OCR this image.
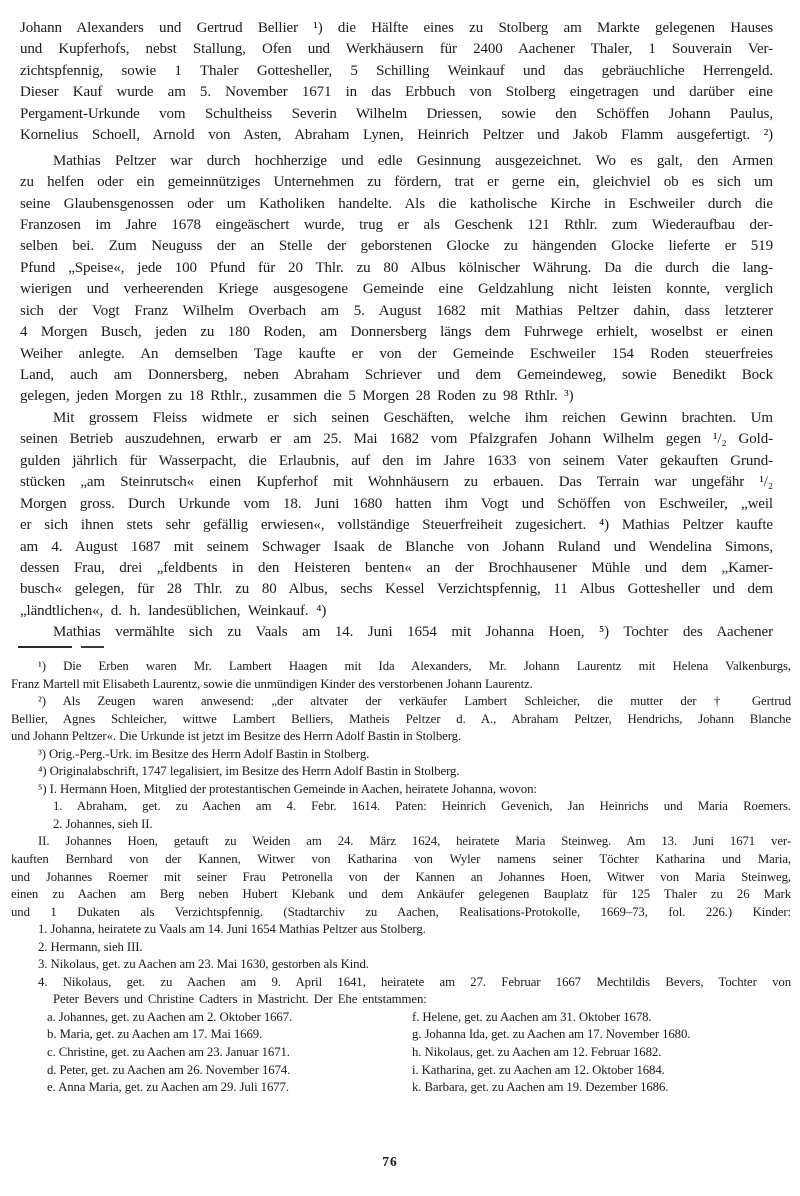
Johann Alexanders und Gertrud Bellier ¹) die Hälfte eines zu Stolberg am Markte gelegenen Hauses
und Kupferhofs, nebst Stallung, Ofen und Werkhäusern für 2400 Aachener Thaler, 1 Souverain Ver-
zichtspfennig, sowie 1 Thaler Gottesheller, 5 Schilling Weinkauf und das gebräuchliche Herrengeld.
Dieser Kauf wurde am 5. November 1671 in das Erbbuch von Stolberg eingetragen und darüber eine
Pergament-Urkunde vom Schultheiss Severin Wilhelm Driessen, sowie den Schöffen Johann Paulus,
Kornelius Schoell, Arnold von Asten, Abraham Lynen, Heinrich Peltzer und Jakob Flamm ausgefertigt. ²)
Mathias Peltzer war durch hochherzige und edle Gesinnung ausgezeichnet. Wo es galt, den Armen
zu helfen oder ein gemeinnütziges Unternehmen zu fördern, trat er gerne ein, gleichviel ob es sich um
seine Glaubensgenossen oder um Katholiken handelte. Als die katholische Kirche in Eschweiler durch die
Franzosen im Jahre 1678 eingeäschert wurde, trug er als Geschenk 121 Rthlr. zum Wiederaufbau der-
selben bei. Zum Neuguss der an Stelle der geborstenen Glocke zu hängenden Glocke lieferte er 519
Pfund „Speise«, jede 100 Pfund für 20 Thlr. zu 80 Albus kölnischer Währung. Da die durch die lang-
wierigen und verheerenden Kriege ausgesogene Gemeinde eine Geldzahlung nicht leisten konnte, verglich
sich der Vogt Franz Wilhelm Overbach am 5. August 1682 mit Mathias Peltzer dahin, dass letzterer
4 Morgen Busch, jeden zu 180 Roden, am Donnersberg längs dem Fuhrwege erhielt, woselbst er einen
Weiher anlegte. An demselben Tage kaufte er von der Gemeinde Eschweiler 154 Roden steuerfreies
Land, auch am Donnersberg, neben Abraham Schriever und dem Gemeindeweg, sowie Benedikt Bock
gelegen, jeden Morgen zu 18 Rthlr., zusammen die 5 Morgen 28 Roden zu 98 Rthlr. ³)
Mit grossem Fleiss widmete er sich seinen Geschäften, welche ihm reichen Gewinn brachten. Um
seinen Betrieb auszudehnen, erwarb er am 25. Mai 1682 vom Pfalzgrafen Johann Wilhelm gegen ¹/₂ Gold-
gulden jährlich für Wasserpacht, die Erlaubnis, auf den im Jahre 1633 von seinem Vater gekauften Grund-
stücken „am Steinrutsch« einen Kupferhof mit Wohnhäusern zu erbauen. Das Terrain war ungefähr ¹/₂
Morgen gross. Durch Urkunde vom 18. Juni 1680 hatten ihm Vogt und Schöffen von Eschweiler, „weil
er sich ihnen stets sehr gefällig erwiesen«, vollständige Steuerfreiheit zugesichert. ⁴) Mathias Peltzer kaufte
am 4. August 1687 mit seinem Schwager Isaak de Blanche von Johann Ruland und Wendelina Simons,
dessen Frau, drei „feldbents in den Heisteren benten« an der Brochhausener Mühle und dem „Kamer-
busch« gelegen, für 28 Thlr. zu 80 Albus, sechs Kessel Verzichtspfennig, 11 Albus Gottesheller und dem
„ländtlichen«, d. h. landesüblichen, Weinkauf. ⁴)
Mathias vermählte sich zu Vaals am 14. Juni 1654 mit Johanna Hoen, ⁵) Tochter des Aachener
¹) Die Erben waren Mr. Lambert Haagen mit Ida Alexanders, Mr. Johann Laurentz mit Helena Valkenburgs,
Franz Martell mit Elisabeth Laurentz, sowie die unmündigen Kinder des verstorbenen Johann Laurentz.
²) Als Zeugen waren anwesend: „der altvater der verkäufer Lambert Schleicher, die mutter der † Gertrud
Bellier, Agnes Schleicher, wittwe Lambert Belliers, Matheis Peltzer d. A., Abraham Peltzer, Hendrichs, Johann Blanche
und Johann Peltzer«. Die Urkunde ist jetzt im Besitze des Herrn Adolf Bastin in Stolberg.
³) Orig.-Perg.-Urk. im Besitze des Herrn Adolf Bastin in Stolberg.
⁴) Originalabschrift, 1747 legalisiert, im Besitze des Herrn Adolf Bastin in Stolberg.
⁵) I. Hermann Hoen, Mitglied der protestantischen Gemeinde in Aachen, heiratete Johanna, wovon:
1. Abraham, get. zu Aachen am 4. Febr. 1614. Paten: Heinrich Gevenich, Jan Heinrichs und Maria Roemers.
2. Johannes, sieh II.
II. Johannes Hoen, getauft zu Weiden am 24. März 1624, heiratete Maria Steinweg. Am 13. Juni 1671 ver-
kauften Bernhard von der Kannen, Witwer von Katharina von Wyler namens seiner Töchter Katharina und Maria,
und Johannes Roemer mit seiner Frau Petronella von der Kannen an Johannes Hoen, Witwer von Maria Steinweg,
einen zu Aachen am Berg neben Hubert Klebank und dem Ankäufer gelegenen Bauplatz für 125 Thaler zu 26 Mark
und 1 Dukaten als Verzichtspfennig. (Stadtarchiv zu Aachen, Realisations-Protokolle, 1669–73, fol. 226.) Kinder:
1. Johanna, heiratete zu Vaals am 14. Juni 1654 Mathias Peltzer aus Stolberg.
2. Hermann, sieh III.
3. Nikolaus, get. zu Aachen am 23. Mai 1630, gestorben als Kind.
4. Nikolaus, get. zu Aachen am 9. April 1641, heiratete am 27. Februar 1667 Mechtildis Bevers, Tochter von
Peter Bevers und Christine Cadters in Mastricht. Der Ehe entstammen:
a. Johannes, get. zu Aachen am 2. Oktober 1667.	f. Helene, get. zu Aachen am 31. Oktober 1678.
b. Maria, get. zu Aachen am 17. Mai 1669.	g. Johanna Ida, get. zu Aachen am 17. November 1680.
c. Christine, get. zu Aachen am 23. Januar 1671.	h. Nikolaus, get. zu Aachen am 12. Februar 1682.
d. Peter, get. zu Aachen am 26. November 1674.	i. Katharina, get. zu Aachen am 12. Oktober 1684.
e. Anna Maria, get. zu Aachen am 29. Juli 1677.	k. Barbara, get. zu Aachen am 19. Dezember 1686.
76
